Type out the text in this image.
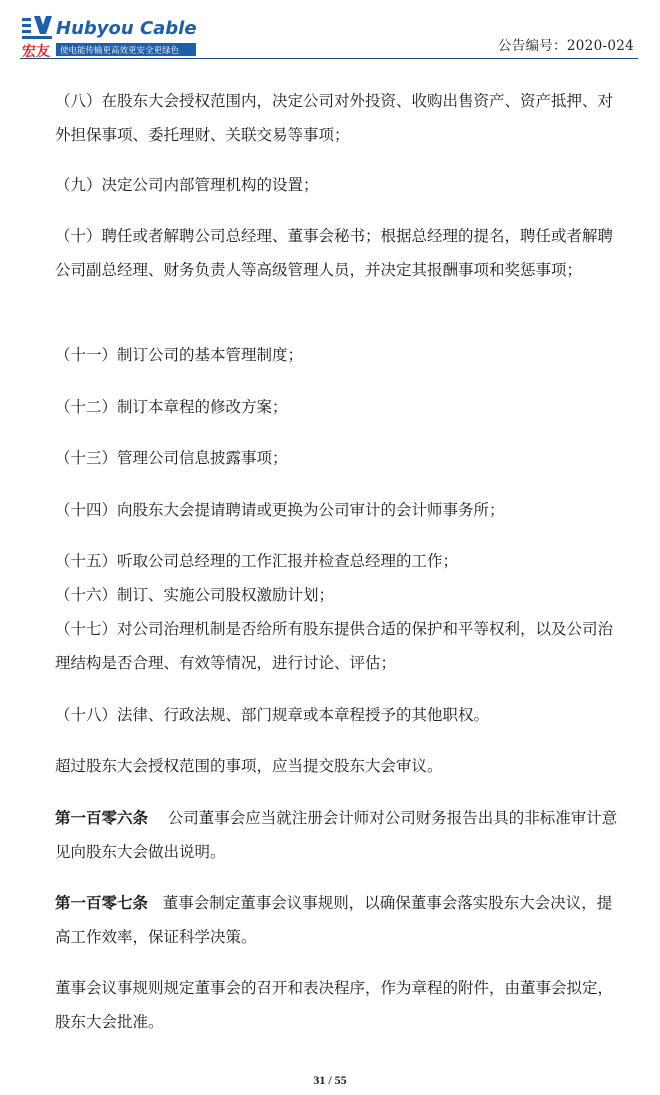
Hubyou Cable
宏友 使电能传输更高效更安全更绿色	公告编号：2020-024

（八）在股东大会授权范围内，决定公司对外投资、收购出售资产、资产抵押、对外担保事项、委托理财、关联交易等事项；

（九）决定公司内部管理机构的设置；

（十）聘任或者解聘公司总经理、董事会秘书；根据总经理的提名，聘任或者解聘公司副总经理、财务负责人等高级管理人员，并决定其报酬事项和奖惩事项；

（十一）制订公司的基本管理制度；

（十二）制订本章程的修改方案；

（十三）管理公司信息披露事项；

（十四）向股东大会提请聘请或更换为公司审计的会计师事务所；

（十五）听取公司总经理的工作汇报并检查总经理的工作；

（十六）制订、实施公司股权激励计划；

（十七）对公司治理机制是否给所有股东提供合适的保护和平等权利，以及公司治理结构是否合理、有效等情况，进行讨论、评估；

（十八）法律、行政法规、部门规章或本章程授予的其他职权。

超过股东大会授权范围的事项，应当提交股东大会审议。

第一百零六条 公司董事会应当就注册会计师对公司财务报告出具的非标准审计意见向股东大会做出说明。

第一百零七条 董事会制定董事会议事规则，以确保董事会落实股东大会决议，提高工作效率，保证科学决策。

董事会议事规则规定董事会的召开和表决程序，作为章程的附件，由董事会拟定，股东大会批准。

31 / 55
